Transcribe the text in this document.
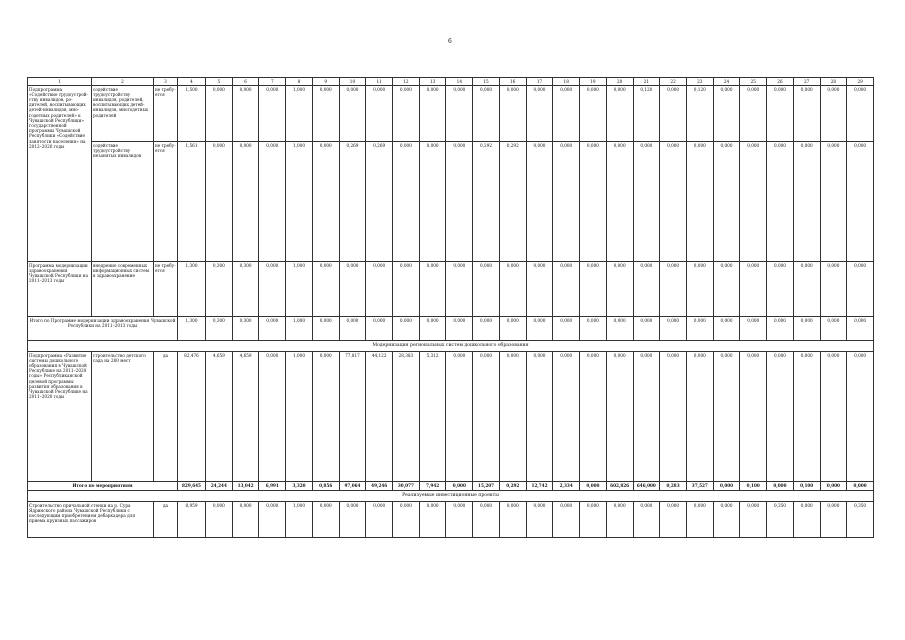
6
1	2	3	4	5	6	7	8	9	10	11	12	13	14	15	16	17	18	19	20	21	22	23	24	25	26	27	28	29	
Подпрограмма «Содействие трудоустройству инвалидов, родителей, воспитывающих детей-инвалидов, многодетных родителей» к Чувашской Республики» государственной программы Чувашской Республики «Содействие занятости населения» на 2012–2020 годы	содействие трудоустройству инвалидов, родителей, воспитывающих детей-инвалидов, многодетных родителей	не требуется	1,500	0,000	0,000	0,000	1,000	0,000	0,000	0,000	0,000	0,000	0,000	0,000	0,000	0,000	0,000	0,000	0,000	0,120	0,000	0,120	0,000	0,000	0,000	0,000	0,000	0,000	
	содействие трудоустройству незанятых инвалидов	не требуется	1,561	0,000	0,000	0,000	1,000	0,000	0,269	0,269	0,000	0,000	0,000	0,292	0,292	0,000	0,000	0,000	0,000	0,000	0,000	0,000	0,000	0,000	0,000	0,000	0,000	0,000	
Программа модернизации здравоохранения Чувашской Республики на 2011–2013 годы	внедрение современных информационных систем в здравоохранение	не требуется	1,300	0,300	0,300	0,000	1,000	0,000	0,000	0,000	0,000	0,000	0,000	0,000	0,000	0,000	0,000	0,000	0,000	0,000	0,000	0,000	0,000	0,000	0,000	0,000	0,000	0,000	
Итого по Программе модернизации здравоохранения Чувашской Республики на 2011–2013 годы			1,300	0,300	0,300	0,000	1,000	0,000	0,000	0,000	0,000	0,000	0,000	0,000	0,000	0,000	0,000	0,000	0,000	0,000	0,000	0,000	0,000	0,000	0,000	0,000	0,000	0,000	
Модернизация региональных систем дошкольного образования																													
Подпрограмма «Развитие системы дошкольного образования в Чувашской Республике на 2011–2020 годы» Республиканской целевой программы развития образования в Чувашской Республике на 2011–2020 годы	строительство детского сада на 280 мест	да	82,476	4,659	4,659	0,000	1,000	0,000	77,817	44,122	28,383	5,312	0,000	0,000	0,000	0,000	0,000	0,000	0,000	0,000	0,000	0,000	0,000	0,000	0,000	0,000	0,000	0,000	
Итого по мероприятиям			829,645	24,244	13,042	6,991	3,320	0,856	97,064	49,246	30,077	7,942	0,000	15,207	0,292	12,742	2,334	0,000	602,826	646,000	0,283	37,527	0,000	0,100	0,000	0,100	0,000	0,000	
Реализуемые инвестиционные проекты																													
Строительство причальной стенки на р. Сура Ядринского района Чувашской Республики с последующим приобретением дебаркадера для приема круизных пассажиров		да	8,959	0,000	0,000	0,000	1,000	0,000	0,000	0,000	0,000	0,000	0,000	0,000	0,000	0,000	0,000	0,000	0,000	0,000	0,000	0,000	0,000	0,000	0,350	0,000	0,000	0,350	
